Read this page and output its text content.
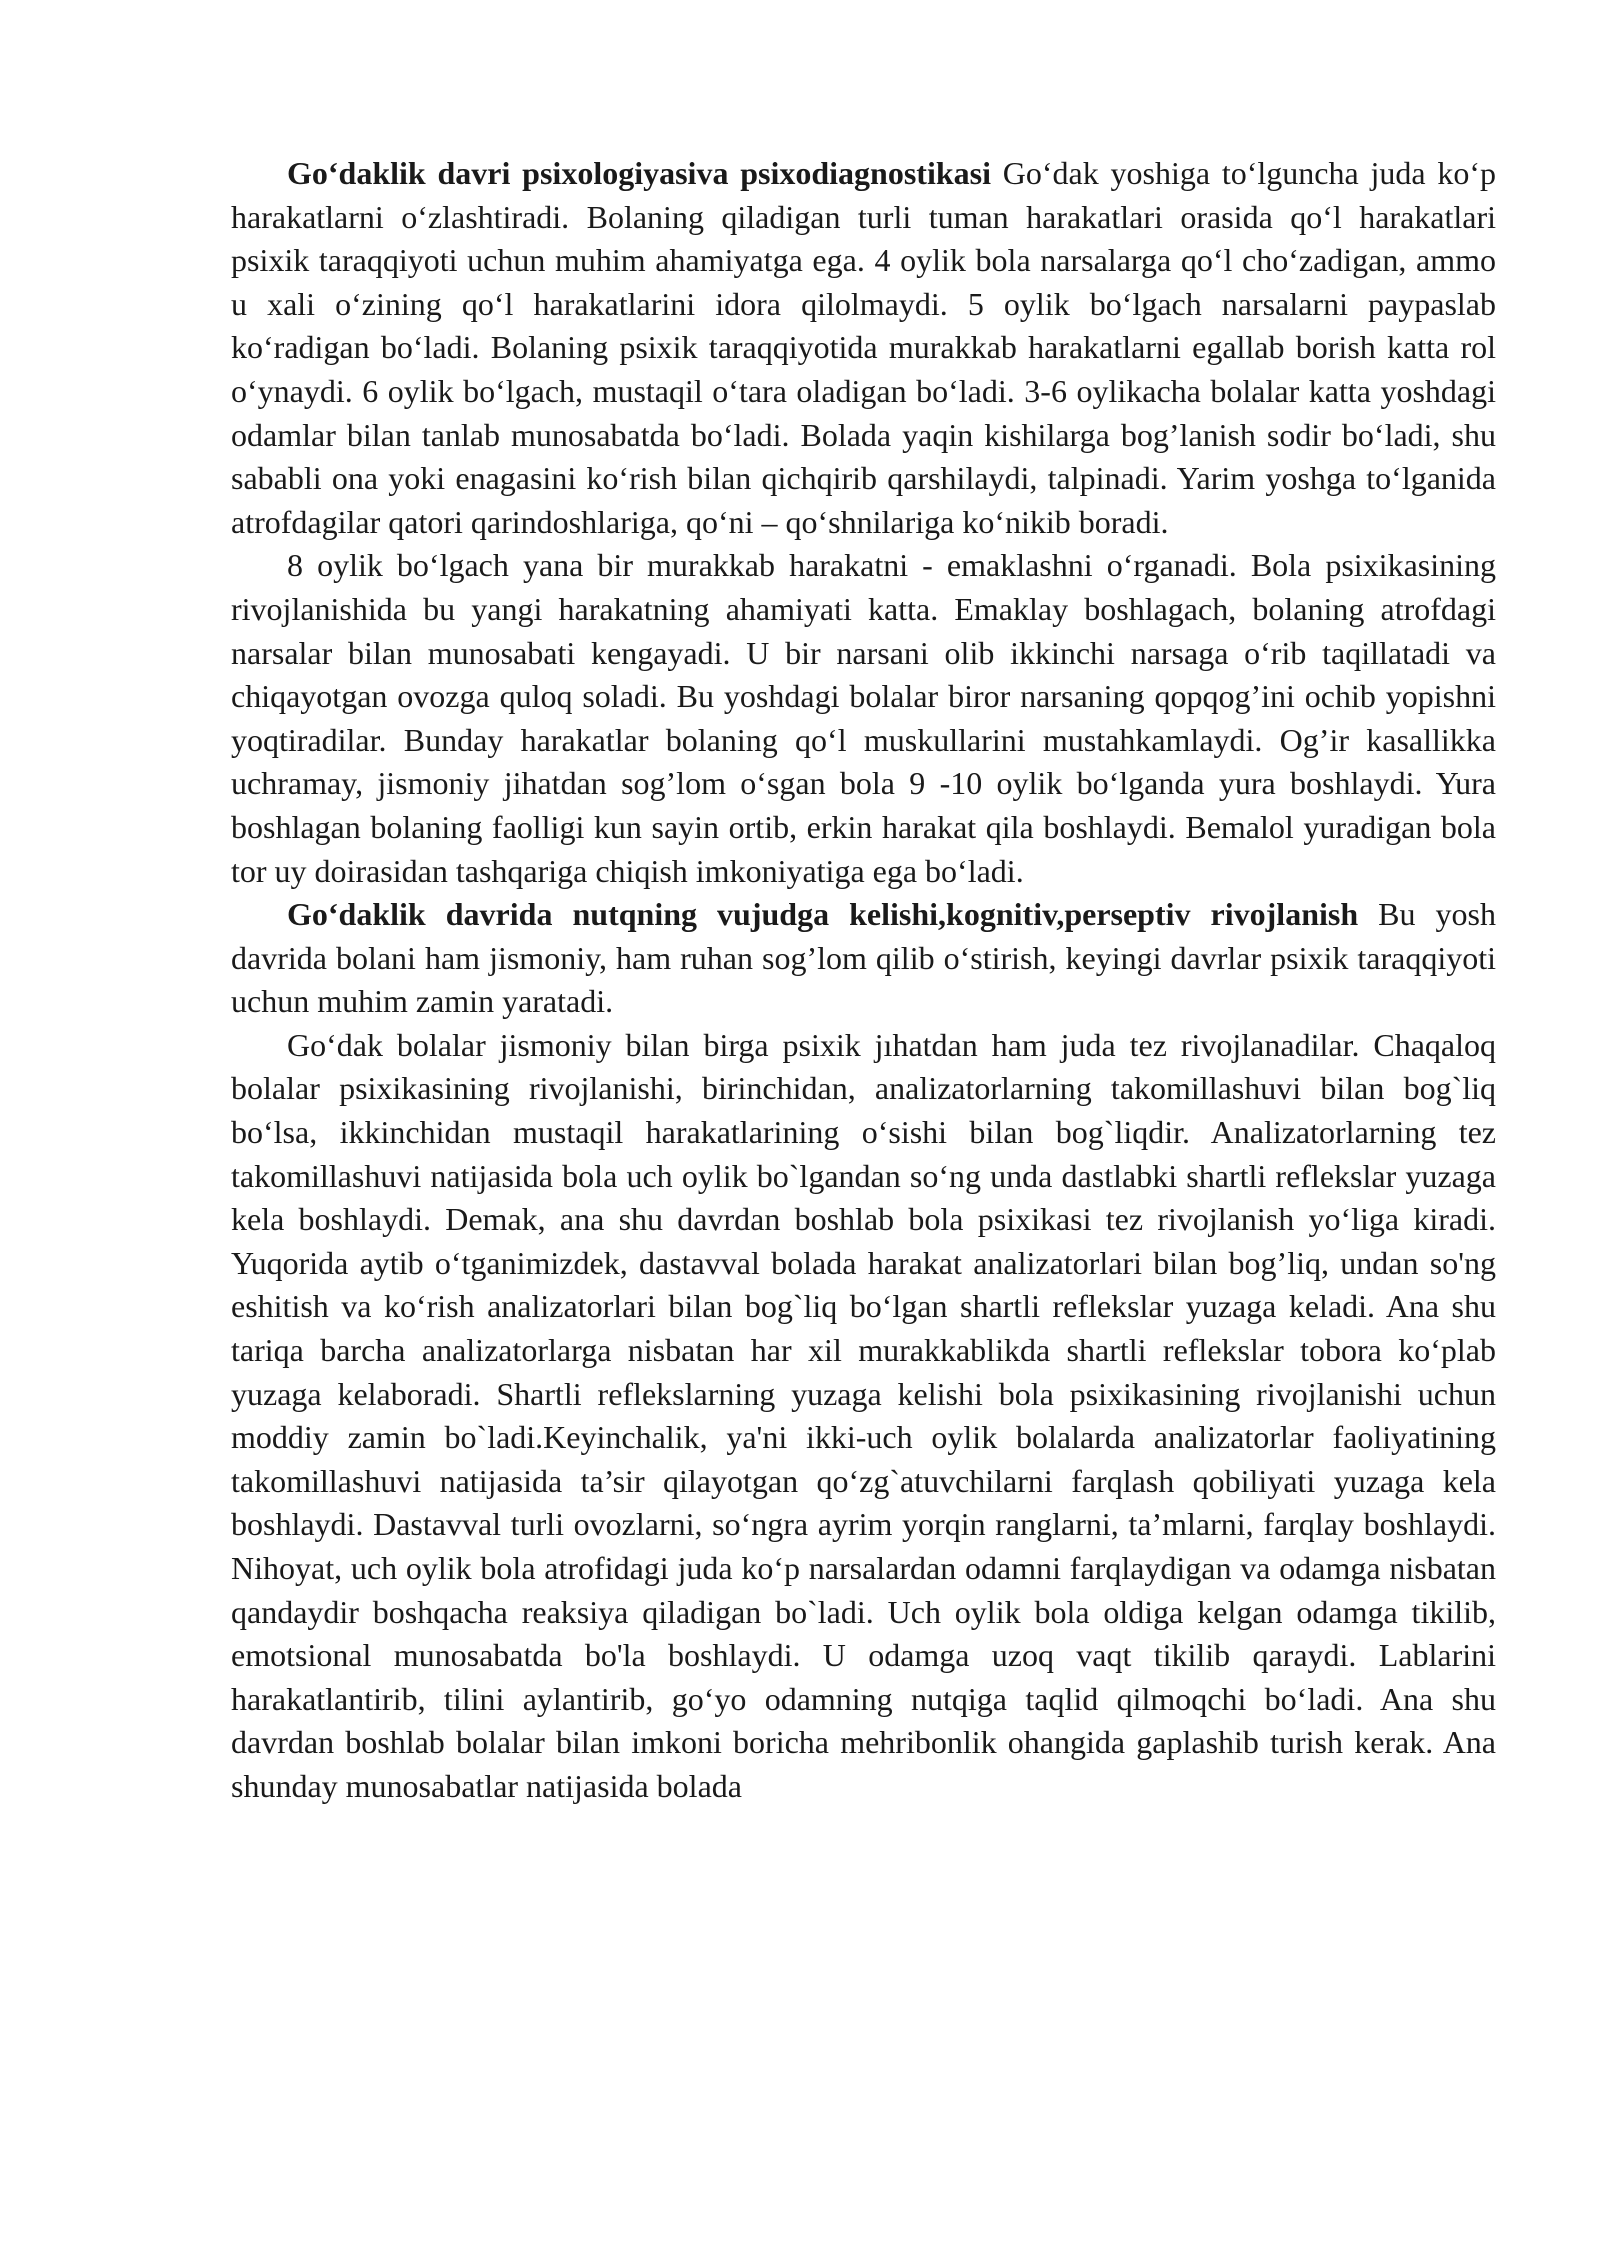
Go‘daklik davri psixologiyasiva psixodiagnostikasi Go‘dak yoshiga to‘lguncha juda ko‘p harakatlarni o‘zlashtiradi. Bolaning qiladigan turli tuman harakatlari orasida qo‘l harakatlari psixik taraqqiyoti uchun muhim ahamiyatga ega. 4 oylik bola narsalarga qo‘l cho‘zadigan, ammo u xali o‘zining qo‘l harakatlarini idora qilolmaydi. 5 oylik bo‘lgach narsalarni paypaslab ko‘radigan bo‘ladi. Bolaning psixik taraqqiyotida murakkab harakatlarni egallab borish katta rol o‘ynaydi. 6 oylik bo‘lgach, mustaqil o‘tara oladigan bo‘ladi. 3-6 oylikacha bolalar katta yoshdagi odamlar bilan tanlab munosabatda bo‘ladi. Bolada yaqin kishilarga bog’lanish sodir bo‘ladi, shu sababli ona yoki enagasini ko‘rish bilan qichqirib qarshilaydi, talpinadi. Yarim yoshga to‘lganida atrofdagilar qatori qarindoshlariga, qo‘ni – qo‘shnilariga ko‘nikib boradi.

8 oylik bo‘lgach yana bir murakkab harakatni - emaklashni o‘rganadi. Bola psixikasining rivojlanishida bu yangi harakatning ahamiyati katta. Emaklay boshlagach, bolaning atrofdagi narsalar bilan munosabati kengayadi. U bir narsani olib ikkinchi narsaga o‘rib taqillatadi va chiqayotgan ovozga quloq soladi. Bu yoshdagi bolalar biror narsaning qopqog’ini ochib yopishni yoqtiradilar. Bunday harakatlar bolaning qo‘l muskullarini mustahkamlaydi. Og’ir kasallikka uchramay, jismoniy jihatdan sog’lom o‘sgan bola 9 -10 oylik bo‘lganda yura boshlaydi. Yura boshlagan bolaning faolligi kun sayin ortib, erkin harakat qila boshlaydi. Bemalol yuradigan bola tor uy doirasidan tashqariga chiqish imkoniyatiga ega bo‘ladi.

Go‘daklik davrida nutqning vujudga kelishi,kognitiv,perseptiv rivojlanish Bu yosh davrida bolani ham jismoniy, ham ruhan sog’lom qilib o‘stirish, keyingi davrlar psixik taraqqiyoti uchun muhim zamin yaratadi.

Go‘dak bolalar jismoniy bilan birga psixik jıhatdan ham juda tez rivojlanadilar. Chaqaloq bolalar psixikasining rivojlanishi, birinchidan, analizatorlarning takomillashuvi bilan bog`liq bo‘lsa, ikkinchidan mustaqil harakatlarining o‘sishi bilan bog`liqdir. Analizatorlarning tez takomillashuvi natijasida bola uch oylik bo`lgandan so‘ng unda dastlabki shartli reflekslar yuzaga kela boshlaydi. Demak, ana shu davrdan boshlab bola psixikasi tez rivojlanish yo‘liga kiradi. Yuqorida aytib o‘tganimizdek, dastavval bolada harakat analizatorlari bilan bog’liq, undan so'ng eshitish va ko‘rish analizatorlari bilan bog`liq bo‘lgan shartli reflekslar yuzaga keladi. Ana shu tariqa barcha analizatorlarga nisbatan har xil murakkablikda shartli reflekslar tobora ko‘plab yuzaga kelaboradi. Shartli reflekslarning yuzaga kelishi bola psixikasining rivojlanishi uchun moddiy zamin bo`ladi.Keyinchalik, ya'ni ikki-uch oylik bolalarda analizatorlar faoliyatining takomillashuvi natijasida ta’sir qilayotgan qo‘zg`atuvchilarni farqlash qobiliyati yuzaga kela boshlaydi. Dastavval turli ovozlarni, so‘ngra ayrim yorqin ranglarni, ta’mlarni, farqlay boshlaydi. Nihoyat, uch oylik bola atrofidagi juda ko‘p narsalardan odamni farqlaydigan va odamga nisbatan qandaydir boshqacha reaksiya qiladigan bo`ladi. Uch oylik bola oldiga kelgan odamga tikilib, emotsional munosabatda bo'la boshlaydi. U odamga uzoq vaqt tikilib qaraydi. Lablarini harakatlantirib, tilini aylantirib, go‘yo odamning nutqiga taqlid qilmoqchi bo‘ladi. Ana shu davrdan boshlab bolalar bilan imkoni boricha mehribonlik ohangida gaplashib turish kerak. Ana shunday munosabatlar natijasida bolada
